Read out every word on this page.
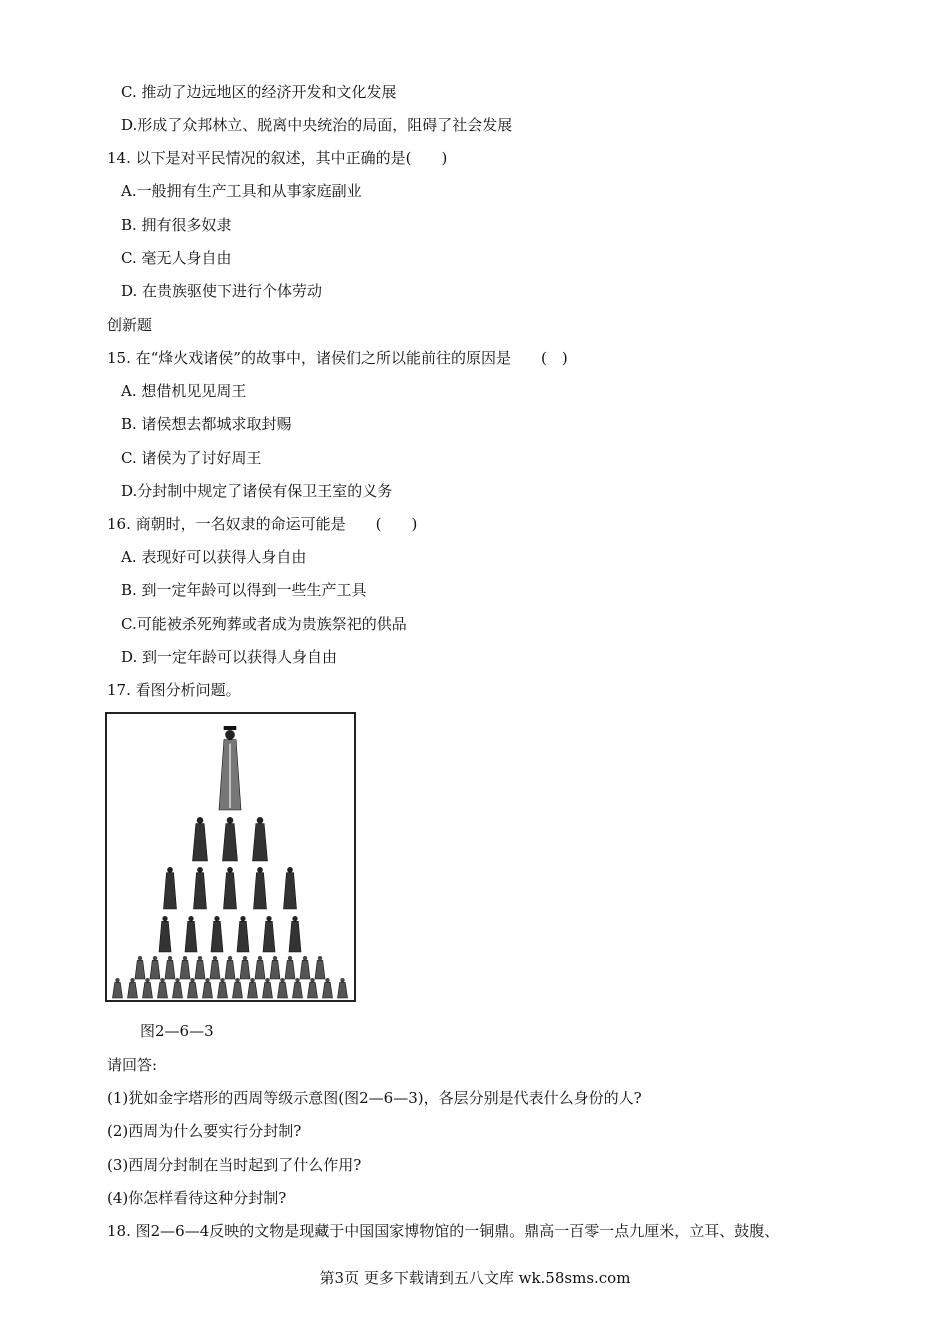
C. 推动了边远地区的经济开发和文化发展
D.形成了众邦林立、脱离中央统治的局面，阻碍了社会发展
14. 以下是对平民情况的叙述，其中正确的是(　　)
A.一般拥有生产工具和从事家庭副业
B. 拥有很多奴隶
C. 毫无人身自由
D. 在贵族驱使下进行个体劳动
创新题
15. 在“烽火戏诸侯”的故事中，诸侯们之所以能前往的原因是　　(　)
A. 想借机见见周王
B. 诸侯想去都城求取封赐
C. 诸侯为了讨好周王
D.分封制中规定了诸侯有保卫王室的义务
16. 商朝时，一名奴隶的命运可能是　　(　　)
A. 表现好可以获得人身自由
B. 到一定年龄可以得到一些生产工具
C.可能被杀死殉葬或者成为贵族祭祀的供品
D. 到一定年龄可以获得人身自由
17. 看图分析问题。
图2—6—3
请回答:
(1)犹如金字塔形的西周等级示意图(图2—6—3)，各层分别是代表什么身份的人?
(2)西周为什么要实行分封制?
(3)西周分封制在当时起到了什么作用?
(4)你怎样看待这种分封制?
18. 图2—6—4反映的文物是现藏于中国国家博物馆的一铜鼎。鼎高一百零一点九厘米，立耳、鼓腹、
第3页 更多下载请到五八文库 wk.58sms.com
